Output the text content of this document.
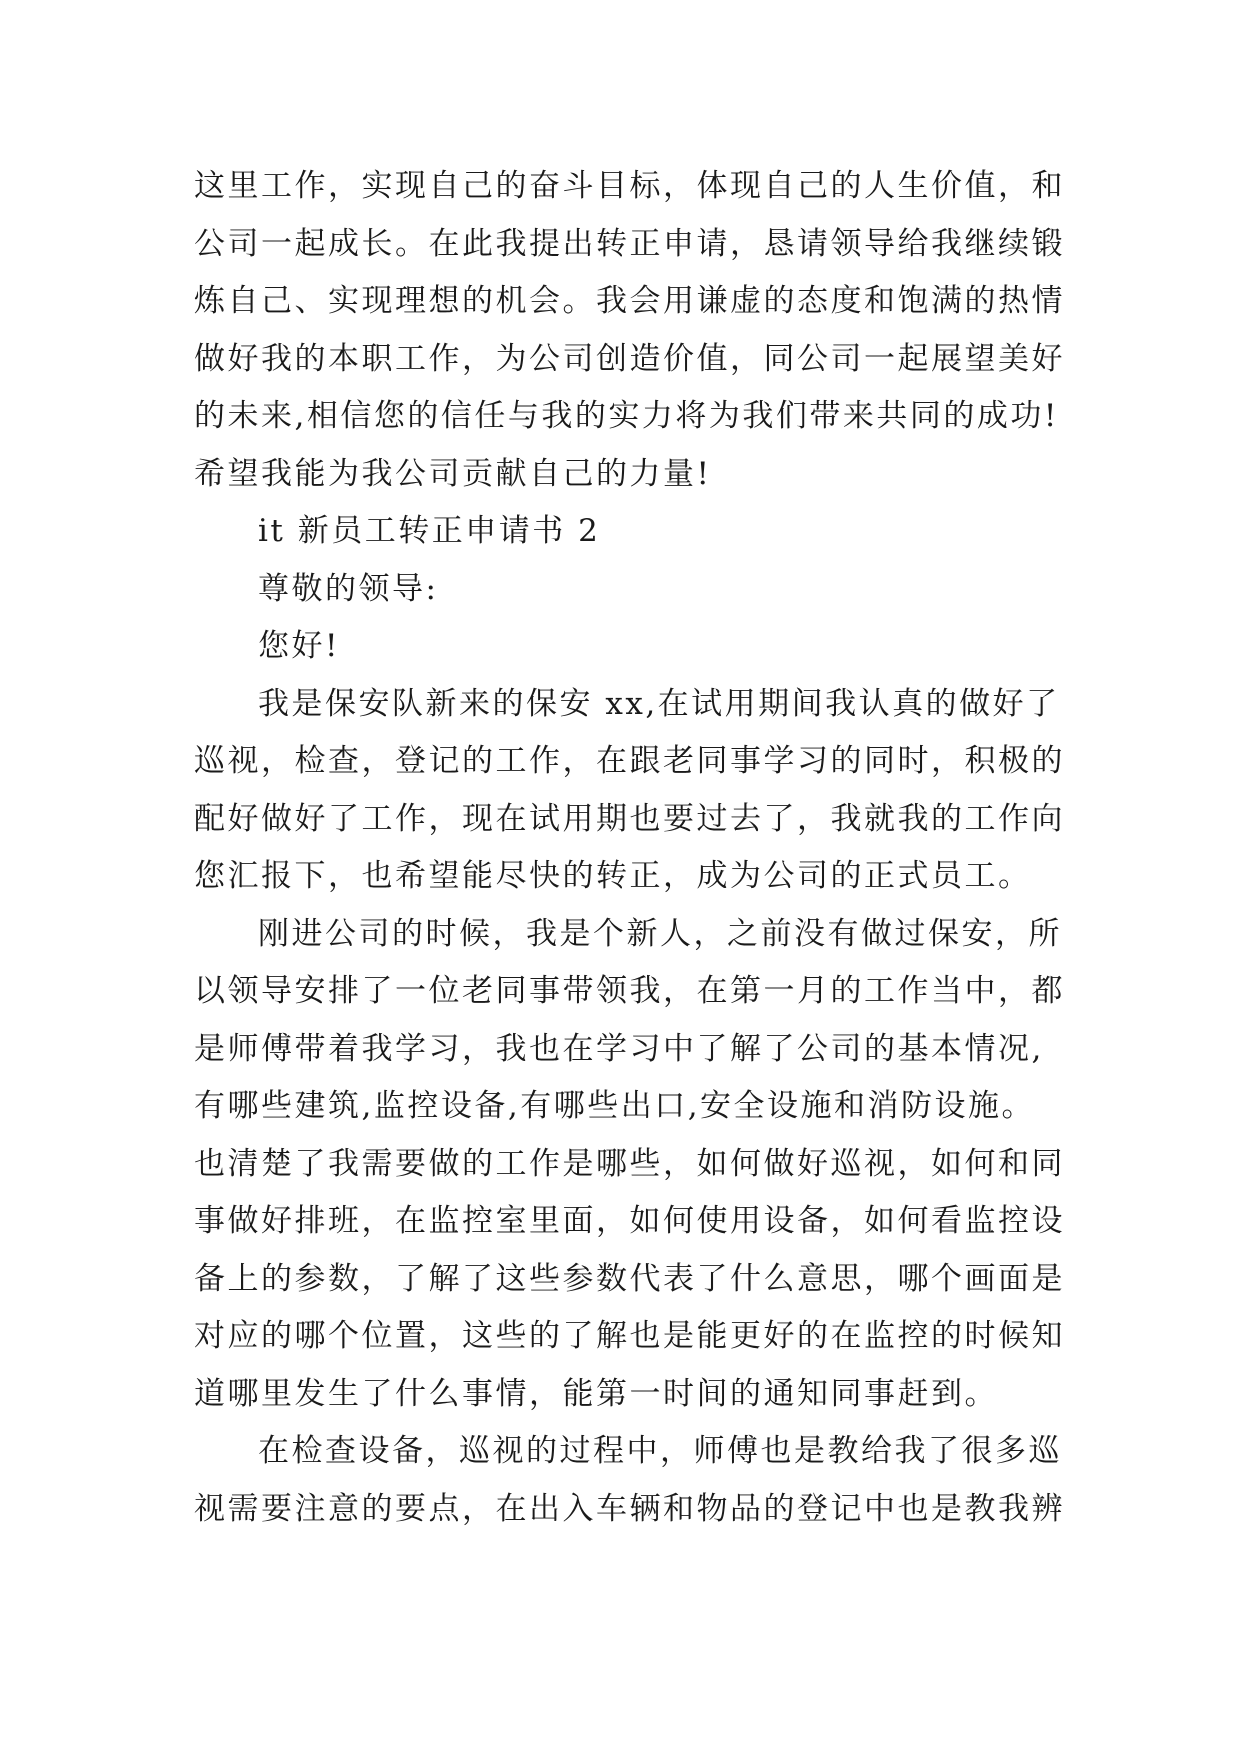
这里工作，实现自己的奋斗目标，体现自己的人生价值，和
公司一起成长。在此我提出转正申请，恳请领导给我继续锻
炼自己、实现理想的机会。我会用谦虚的态度和饱满的热情
做好我的本职工作，为公司创造价值，同公司一起展望美好
的未来,相信您的信任与我的实力将为我们带来共同的成功!
希望我能为我公司贡献自己的力量!
it 新员工转正申请书 2
尊敬的领导:
您好!
我是保安队新来的保安 xx,在试用期间我认真的做好了
巡视，检查，登记的工作，在跟老同事学习的同时，积极的
配好做好了工作，现在试用期也要过去了，我就我的工作向
您汇报下，也希望能尽快的转正，成为公司的正式员工。
刚进公司的时候，我是个新人，之前没有做过保安，所
以领导安排了一位老同事带领我，在第一月的工作当中，都
是师傅带着我学习，我也在学习中了解了公司的基本情况,
有哪些建筑,监控设备,有哪些出口,安全设施和消防设施。
也清楚了我需要做的工作是哪些，如何做好巡视，如何和同
事做好排班，在监控室里面，如何使用设备，如何看监控设
备上的参数，了解了这些参数代表了什么意思，哪个画面是
对应的哪个位置，这些的了解也是能更好的在监控的时候知
道哪里发生了什么事情，能第一时间的通知同事赶到。
在检查设备，巡视的过程中，师傅也是教给我了很多巡
视需要注意的要点，在出入车辆和物品的登记中也是教我辨
